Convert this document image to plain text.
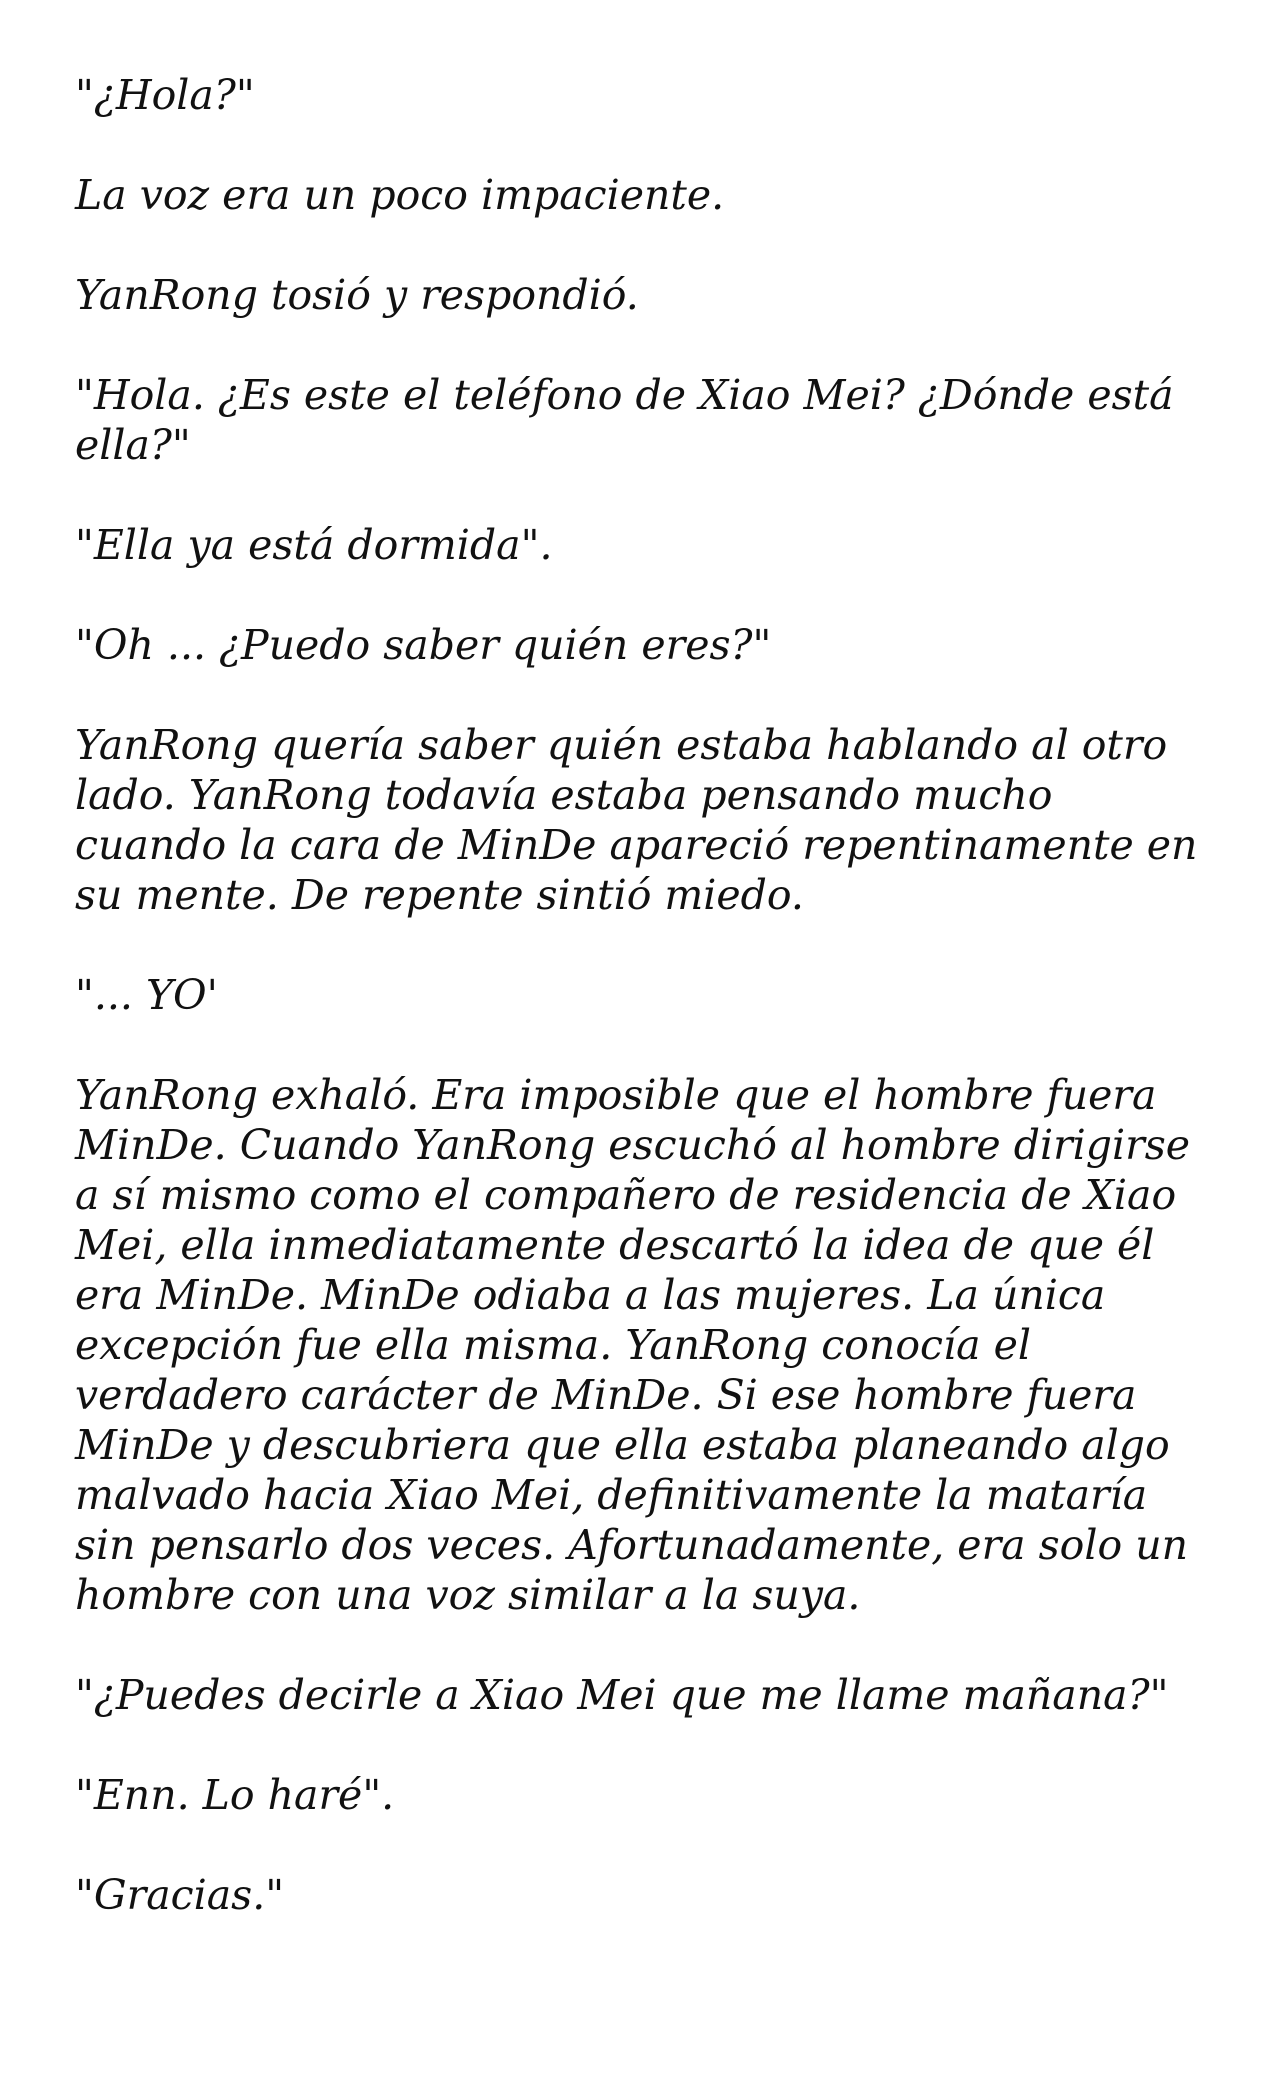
"¿Hola?"

La voz era un poco impaciente.

YanRong tosió y respondió.

"Hola. ¿Es este el teléfono de Xiao Mei? ¿Dónde está ella?"

"Ella ya está dormida".

"Oh ... ¿Puedo saber quién eres?"

YanRong quería saber quién estaba hablando al otro lado. YanRong todavía estaba pensando mucho cuando la cara de MinDe apareció repentinamente en su mente. De repente sintió miedo.

"... YO'

YanRong exhaló. Era imposible que el hombre fuera MinDe. Cuando YanRong escuchó al hombre dirigirse a sí mismo como el compañero de residencia de Xiao Mei, ella inmediatamente descartó la idea de que él era MinDe. MinDe odiaba a las mujeres. La única excepción fue ella misma. YanRong conocía el verdadero carácter de MinDe. Si ese hombre fuera MinDe y descubriera que ella estaba planeando algo malvado hacia Xiao Mei, definitivamente la mataría sin pensarlo dos veces. Afortunadamente, era solo un hombre con una voz similar a la suya.

"¿Puedes decirle a Xiao Mei que me llame mañana?"

"Enn. Lo haré".

"Gracias."
